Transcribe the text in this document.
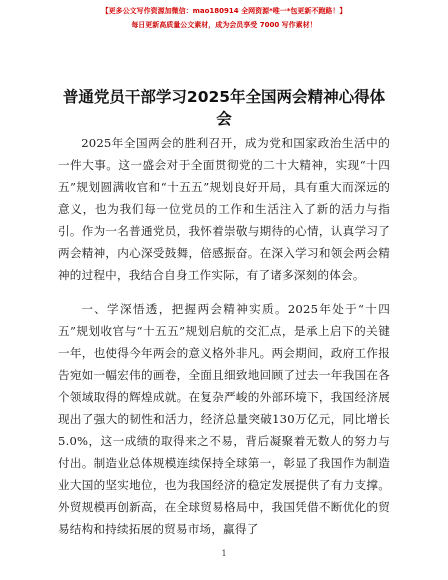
【更多公文写作资源加微信：mao180914 全网资源*唯一*包更新不跑路！】
每日更新高质量公文素材，成为会员享受 7000 写作素材！
普通党员干部学习2025年全国两会精神心得体会

2025年全国两会的胜利召开，成为党和国家政治生活中的一件大事。这一盛会对于全面贯彻党的二十大精神，实现“十四五”规划圆满收官和“十五五”规划良好开局，具有重大而深远的意义，也为我们每一位党员的工作和生活注入了新的活力与指引。作为一名普通党员，我怀着崇敬与期待的心情，认真学习了两会精神，内心深受鼓舞，倍感振奋。在深入学习和领会两会精神的过程中，我结合自身工作实际，有了诸多深刻的体会。

一、学深悟透，把握两会精神实质。2025年处于“十四五”规划收官与“十五五”规划启航的交汇点，是承上启下的关键一年，也使得今年两会的意义格外非凡。两会期间，政府工作报告宛如一幅宏伟的画卷，全面且细致地回顾了过去一年我国在各个领域取得的辉煌成就。在复杂严峻的外部环境下，我国经济展现出了强大的韧性和活力，经济总量突破130万亿元，同比增长5.0%，这一成绩的取得来之不易，背后凝聚着无数人的努力与付出。制造业总体规模连续保持全球第一，彰显了我国作为制造业大国的坚实地位，也为我国经济的稳定发展提供了有力支撑。外贸规模再创新高，在全球贸易格局中，我国凭借不断优化的贸易结构和持续拓展的贸易市场，赢得了

1
